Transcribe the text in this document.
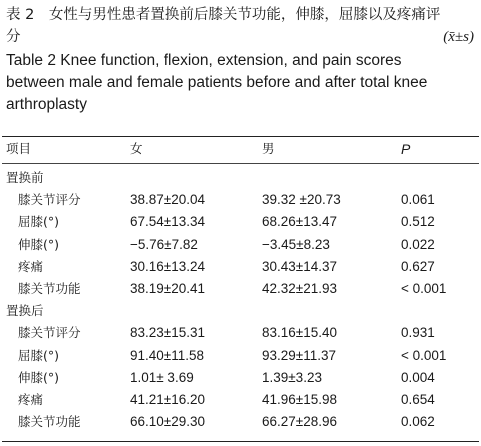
表 2　女性与男性患者置换前后膝关节功能，伸膝，屈膝以及疼痛评
分	(x̄±s)
Table 2 Knee function, flexion, extension, and pain scores
between male and female patients before and after total knee
arthroplasty
项目	女	男	P
置换前
膝关节评分	38.87±20.04	39.32 ±20.73	0.061
屈膝(°)	67.54±13.34	68.26±13.47	0.512
伸膝(°)	−5.76±7.82	−3.45±8.23	0.022
疼痛	30.16±13.24	30.43±14.37	0.627
膝关节功能	38.19±20.41	42.32±21.93	< 0.001
置换后
膝关节评分	83.23±15.31	83.16±15.40	0.931
屈膝(°)	91.40±11.58	93.29±11.37	< 0.001
伸膝(°)	1.01± 3.69	1.39±3.23	0.004
疼痛	41.21±16.20	41.96±15.98	0.654
膝关节功能	66.10±29.30	66.27±28.96	0.062
